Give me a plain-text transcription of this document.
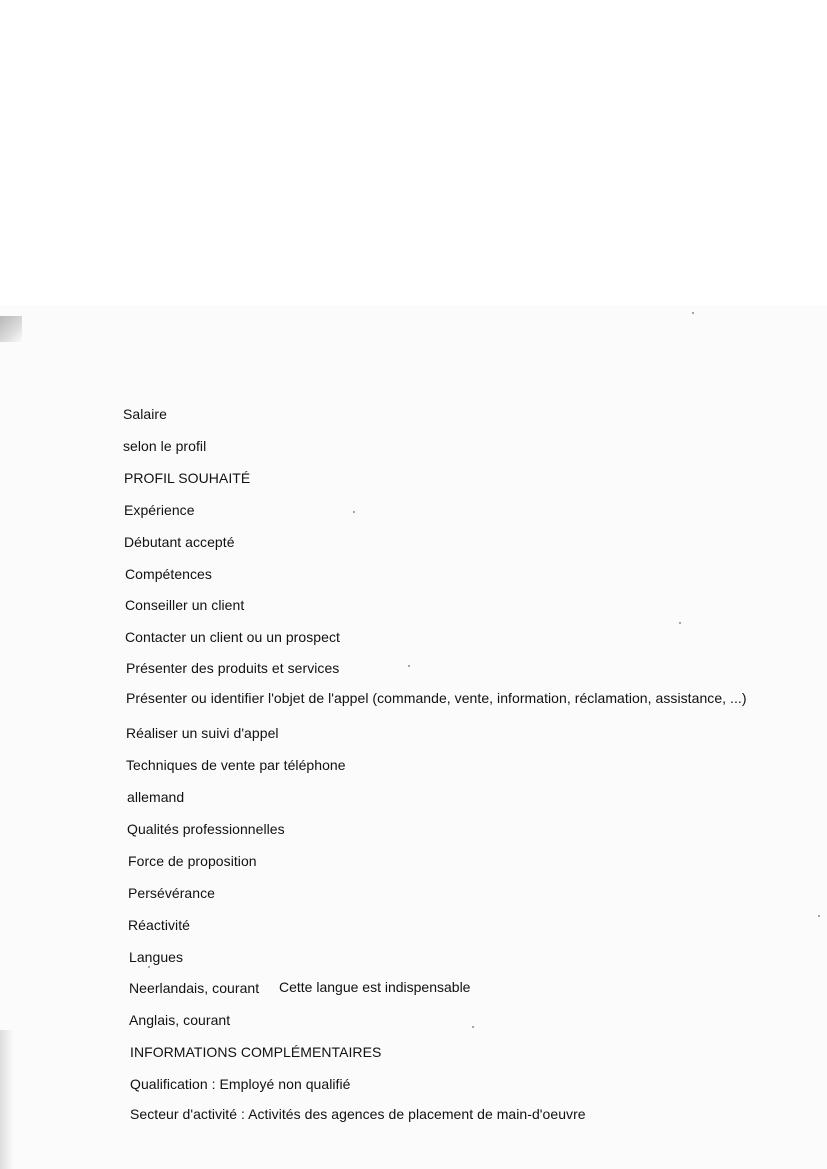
Salaire
selon le profil
PROFIL SOUHAITÉ
Expérience
Débutant accepté
Compétences
Conseiller un client
Contacter un client ou un prospect
Présenter des produits et services
Présenter ou identifier l'objet de l'appel (commande, vente, information, réclamation, assistance, ...)
Réaliser un suivi d'appel
Techniques de vente par téléphone
allemand
Qualités professionnelles
Force de proposition
Persévérance
Réactivité
Langues
Neerlandais, courant Cette langue est indispensable
Anglais, courant
INFORMATIONS COMPLÉMENTAIRES
Qualification : Employé non qualifié
Secteur d'activité : Activités des agences de placement de main-d'oeuvre
